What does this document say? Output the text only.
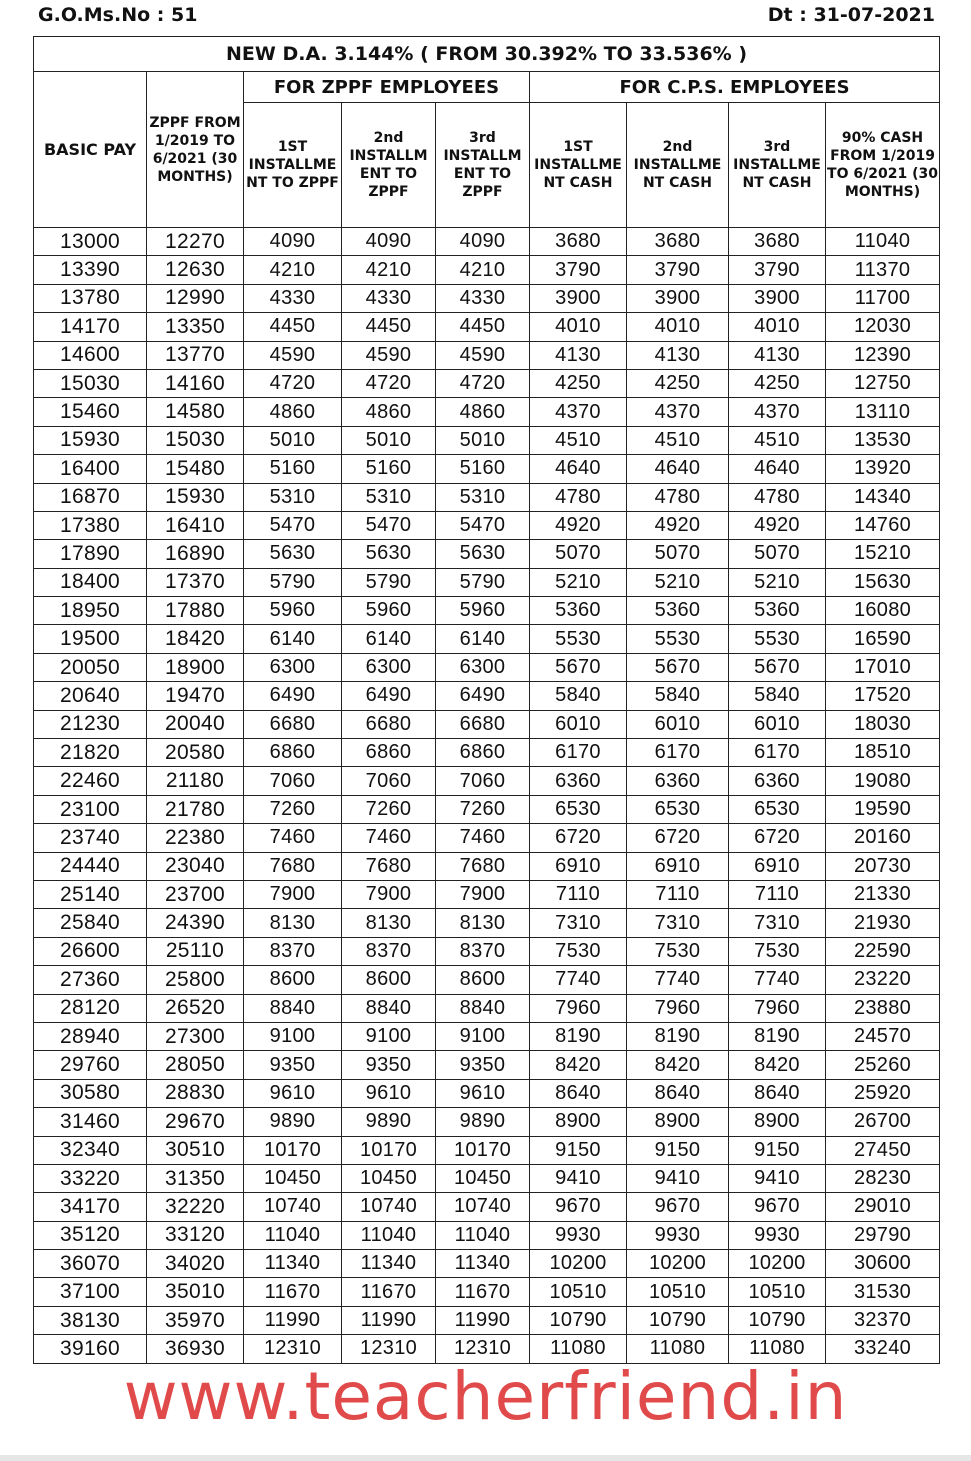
G.O.Ms.No : 51	Dt : 31-07-2021
NEW D.A. 3.144% ( FROM 30.392% TO 33.536% )								
BASIC PAY	ZPPF FROM 1/2019 TO 6/2021 (30 MONTHS)	FOR ZPPF EMPLOYEES			FOR C.P.S. EMPLOYEES			
		1ST INSTALLME NT TO ZPPF	2nd INSTALLM ENT TO ZPPF	3rd INSTALLM ENT TO ZPPF	1ST INSTALLME NT CASH	2nd INSTALLME NT CASH	3rd INSTALLME NT CASH	90% CASH FROM 1/2019 TO 6/2021 (30 MONTHS)
13000	12270	4090	4090	4090	3680	3680	3680	11040
13390	12630	4210	4210	4210	3790	3790	3790	11370
13780	12990	4330	4330	4330	3900	3900	3900	11700
14170	13350	4450	4450	4450	4010	4010	4010	12030
14600	13770	4590	4590	4590	4130	4130	4130	12390
15030	14160	4720	4720	4720	4250	4250	4250	12750
15460	14580	4860	4860	4860	4370	4370	4370	13110
15930	15030	5010	5010	5010	4510	4510	4510	13530
16400	15480	5160	5160	5160	4640	4640	4640	13920
16870	15930	5310	5310	5310	4780	4780	4780	14340
17380	16410	5470	5470	5470	4920	4920	4920	14760
17890	16890	5630	5630	5630	5070	5070	5070	15210
18400	17370	5790	5790	5790	5210	5210	5210	15630
18950	17880	5960	5960	5960	5360	5360	5360	16080
19500	18420	6140	6140	6140	5530	5530	5530	16590
20050	18900	6300	6300	6300	5670	5670	5670	17010
20640	19470	6490	6490	6490	5840	5840	5840	17520
21230	20040	6680	6680	6680	6010	6010	6010	18030
21820	20580	6860	6860	6860	6170	6170	6170	18510
22460	21180	7060	7060	7060	6360	6360	6360	19080
23100	21780	7260	7260	7260	6530	6530	6530	19590
23740	22380	7460	7460	7460	6720	6720	6720	20160
24440	23040	7680	7680	7680	6910	6910	6910	20730
25140	23700	7900	7900	7900	7110	7110	7110	21330
25840	24390	8130	8130	8130	7310	7310	7310	21930
26600	25110	8370	8370	8370	7530	7530	7530	22590
27360	25800	8600	8600	8600	7740	7740	7740	23220
28120	26520	8840	8840	8840	7960	7960	7960	23880
28940	27300	9100	9100	9100	8190	8190	8190	24570
29760	28050	9350	9350	9350	8420	8420	8420	25260
30580	28830	9610	9610	9610	8640	8640	8640	25920
31460	29670	9890	9890	9890	8900	8900	8900	26700
32340	30510	10170	10170	10170	9150	9150	9150	27450
33220	31350	10450	10450	10450	9410	9410	9410	28230
34170	32220	10740	10740	10740	9670	9670	9670	29010
35120	33120	11040	11040	11040	9930	9930	9930	29790
36070	34020	11340	11340	11340	10200	10200	10200	30600
37100	35010	11670	11670	11670	10510	10510	10510	31530
38130	35970	11990	11990	11990	10790	10790	10790	32370
39160	36930	12310	12310	12310	11080	11080	11080	33240
www.teacherfriend.in
